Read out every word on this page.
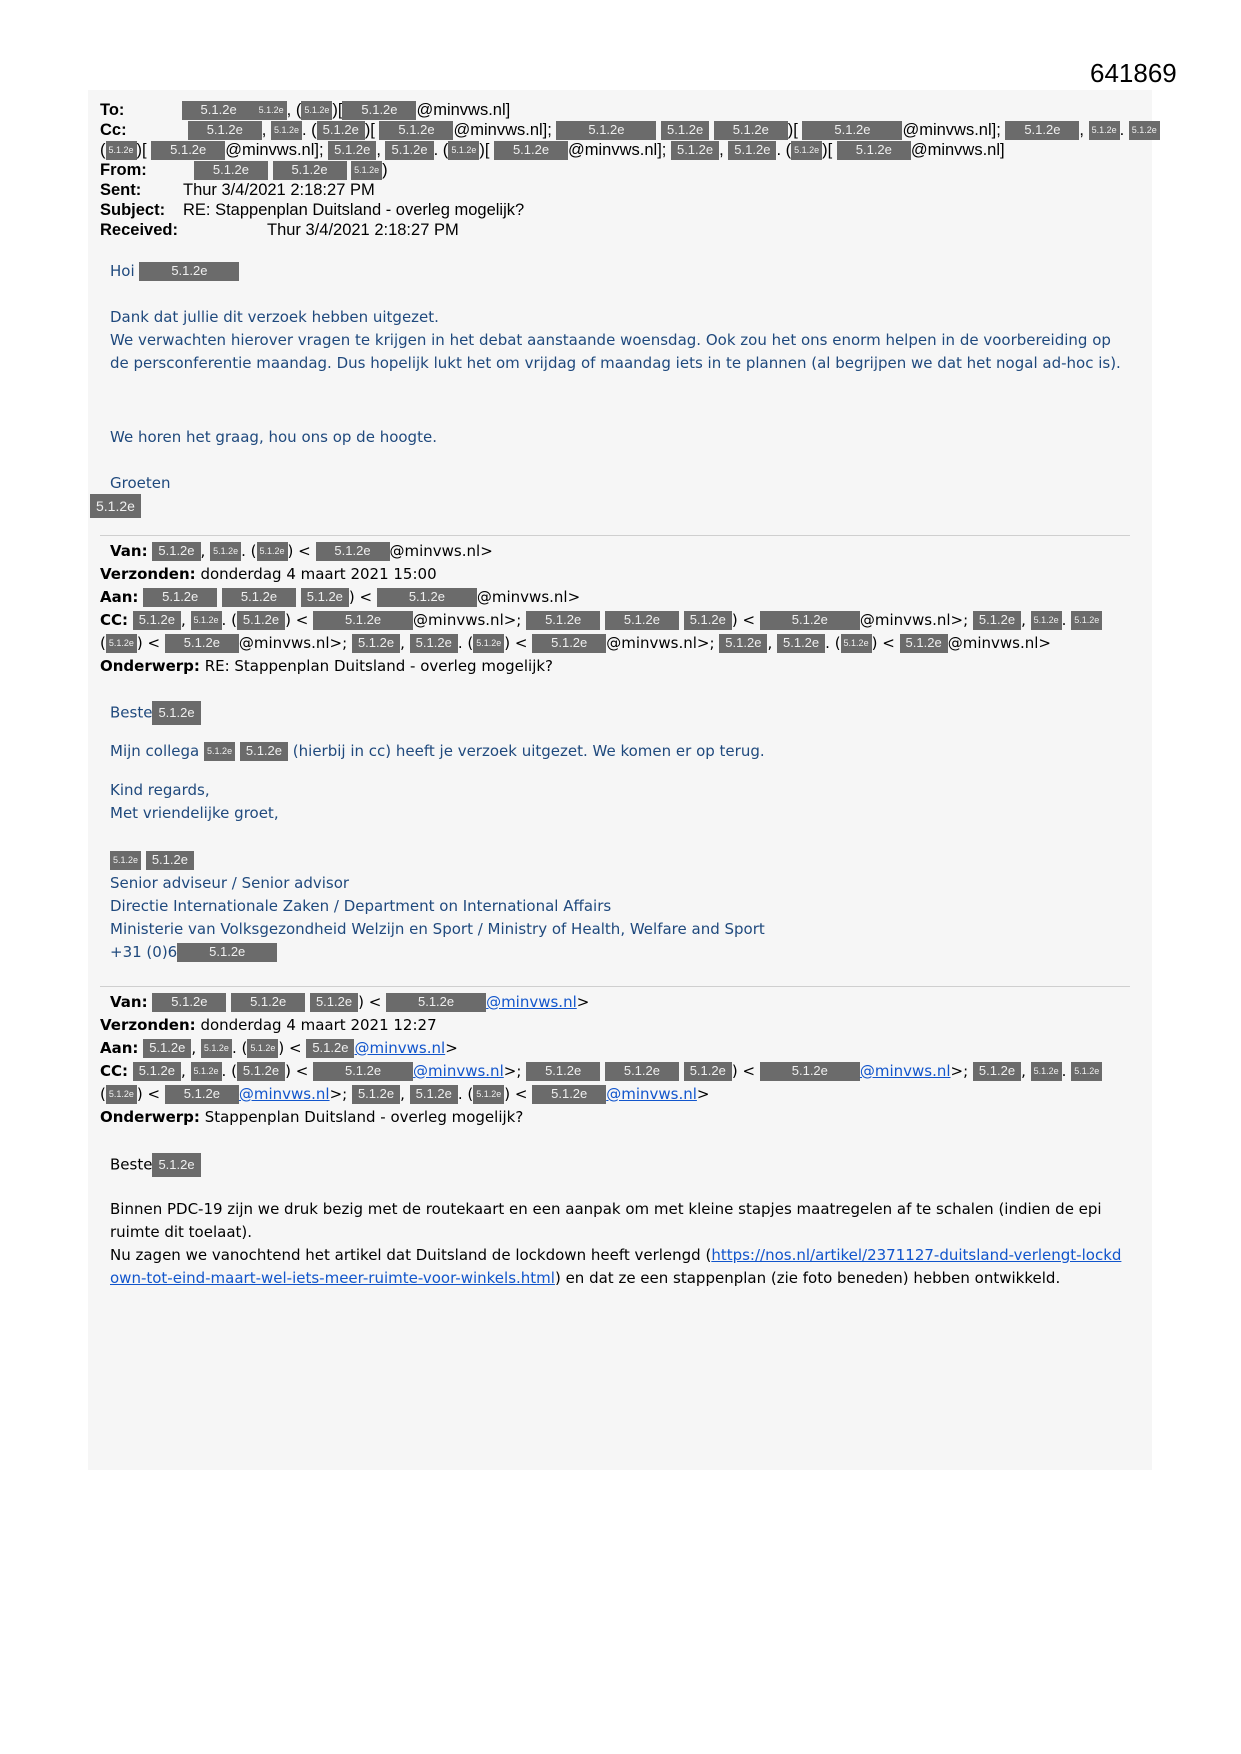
641869
To:	5.1.2e 5.1.2e , ( 5.1.2e )[ 5.1.2e @minvws.nl]
Cc:	5.1.2e , 5.1.2e . ( 5.1.2e )[ 5.1.2e @minvws.nl];	5.1.2e	5.1.2e 5.1.2e )[ 5.1.2e @minvws.nl]; 5.1.2e , 5.1.2e . 5.1.2e
( 5.1.2e )[ 5.1.2e @minvws.nl]; 5.1.2e , 5.1.2e . ( 5.1.2e )[ 5.1.2e @minvws.nl]; 5.1.2e , 5.1.2e . ( 5.1.2e )[ 5.1.2e @minvws.nl]
From:	5.1.2e	5.1.2e	5.1.2e )
Sent:	Thur 3/4/2021 2:18:27 PM
Subject: RE: Stappenplan Duitsland - overleg mogelijk?
Received:	Thur 3/4/2021 2:18:27 PM
Hoi	5.1.2e
Dank dat jullie dit verzoek hebben uitgezet.
We verwachten hierover vragen te krijgen in het debat aanstaande woensdag. Ook zou het ons enorm helpen in de voorbereiding op de persconferentie maandag. Dus hopelijk lukt het om vrijdag of maandag iets in te plannen (al begrijpen we dat het nogal ad-hoc is).
We horen het graag, hou ons op de hoogte.
Groeten
5.1.2e
Van: 5.1.2e , 5.1.2e . ( 5.1.2e ) < 5.1.2e @minvws.nl>
Verzonden: donderdag 4 maart 2021 15:00
Aan: 5.1.2e	5.1.2e 5.1.2e ) < 5.1.2e @minvws.nl>
CC: 5.1.2e , 5.1.2e . ( 5.1.2e ) < 5.1.2e @minvws.nl>; 5.1.2e	5.1.2e 5.1.2e ) < 5.1.2e @minvws.nl>; 5.1.2e , 5.1.2e . 5.1.2e
( 5.1.2e ) < 5.1.2e @minvws.nl>; 5.1.2e , 5.1.2e . ( 5.1.2e ) < 5.1.2e @minvws.nl>; 5.1.2e , 5.1.2e . ( 5.1.2e ) < 5.1.2e @minvws.nl>
Onderwerp: RE: Stappenplan Duitsland - overleg mogelijk?
Beste 5.1.2e
Mijn collega 5.1.2e 5.1.2e (hierbij in cc) heeft je verzoek uitgezet. We komen er op terug.
Kind regards,
Met vriendelijke groet,
5.1.2e 5.1.2e
Senior adviseur / Senior advisor
Directie Internationale Zaken / Department on International Affairs
Ministerie van Volksgezondheid Welzijn en Sport / Ministry of Health, Welfare and Sport
+31 (0)6 5.1.2e
Van: 5.1.2e	5.1.2e 5.1.2e ) < 5.1.2e @minvws.nl>
Verzonden: donderdag 4 maart 2021 12:27
Aan: 5.1.2e , 5.1.2e . ( 5.1.2e ) < 5.1.2e @minvws.nl>
CC: 5.1.2e , 5.1.2e . ( 5.1.2e ) < 5.1.2e @minvws.nl>; 5.1.2e	5.1.2e 5.1.2e ) < 5.1.2e @minvws.nl>; 5.1.2e , 5.1.2e . 5.1.2e
( 5.1.2e ) < 5.1.2e @minvws.nl>; 5.1.2e , 5.1.2e . ( 5.1.2e ) < 5.1.2e @minvws.nl>
Onderwerp: Stappenplan Duitsland - overleg mogelijk?
Beste 5.1.2e
Binnen PDC-19 zijn we druk bezig met de routekaart en een aanpak om met kleine stapjes maatregelen af te schalen (indien de epi ruimte dit toelaat).
Nu zagen we vanochtend het artikel dat Duitsland de lockdown heeft verlengd (https://nos.nl/artikel/2371127-duitsland-verlengt-lockdown-tot-eind-maart-wel-iets-meer-ruimte-voor-winkels.html) en dat ze een stappenplan (zie foto beneden) hebben ontwikkeld.
